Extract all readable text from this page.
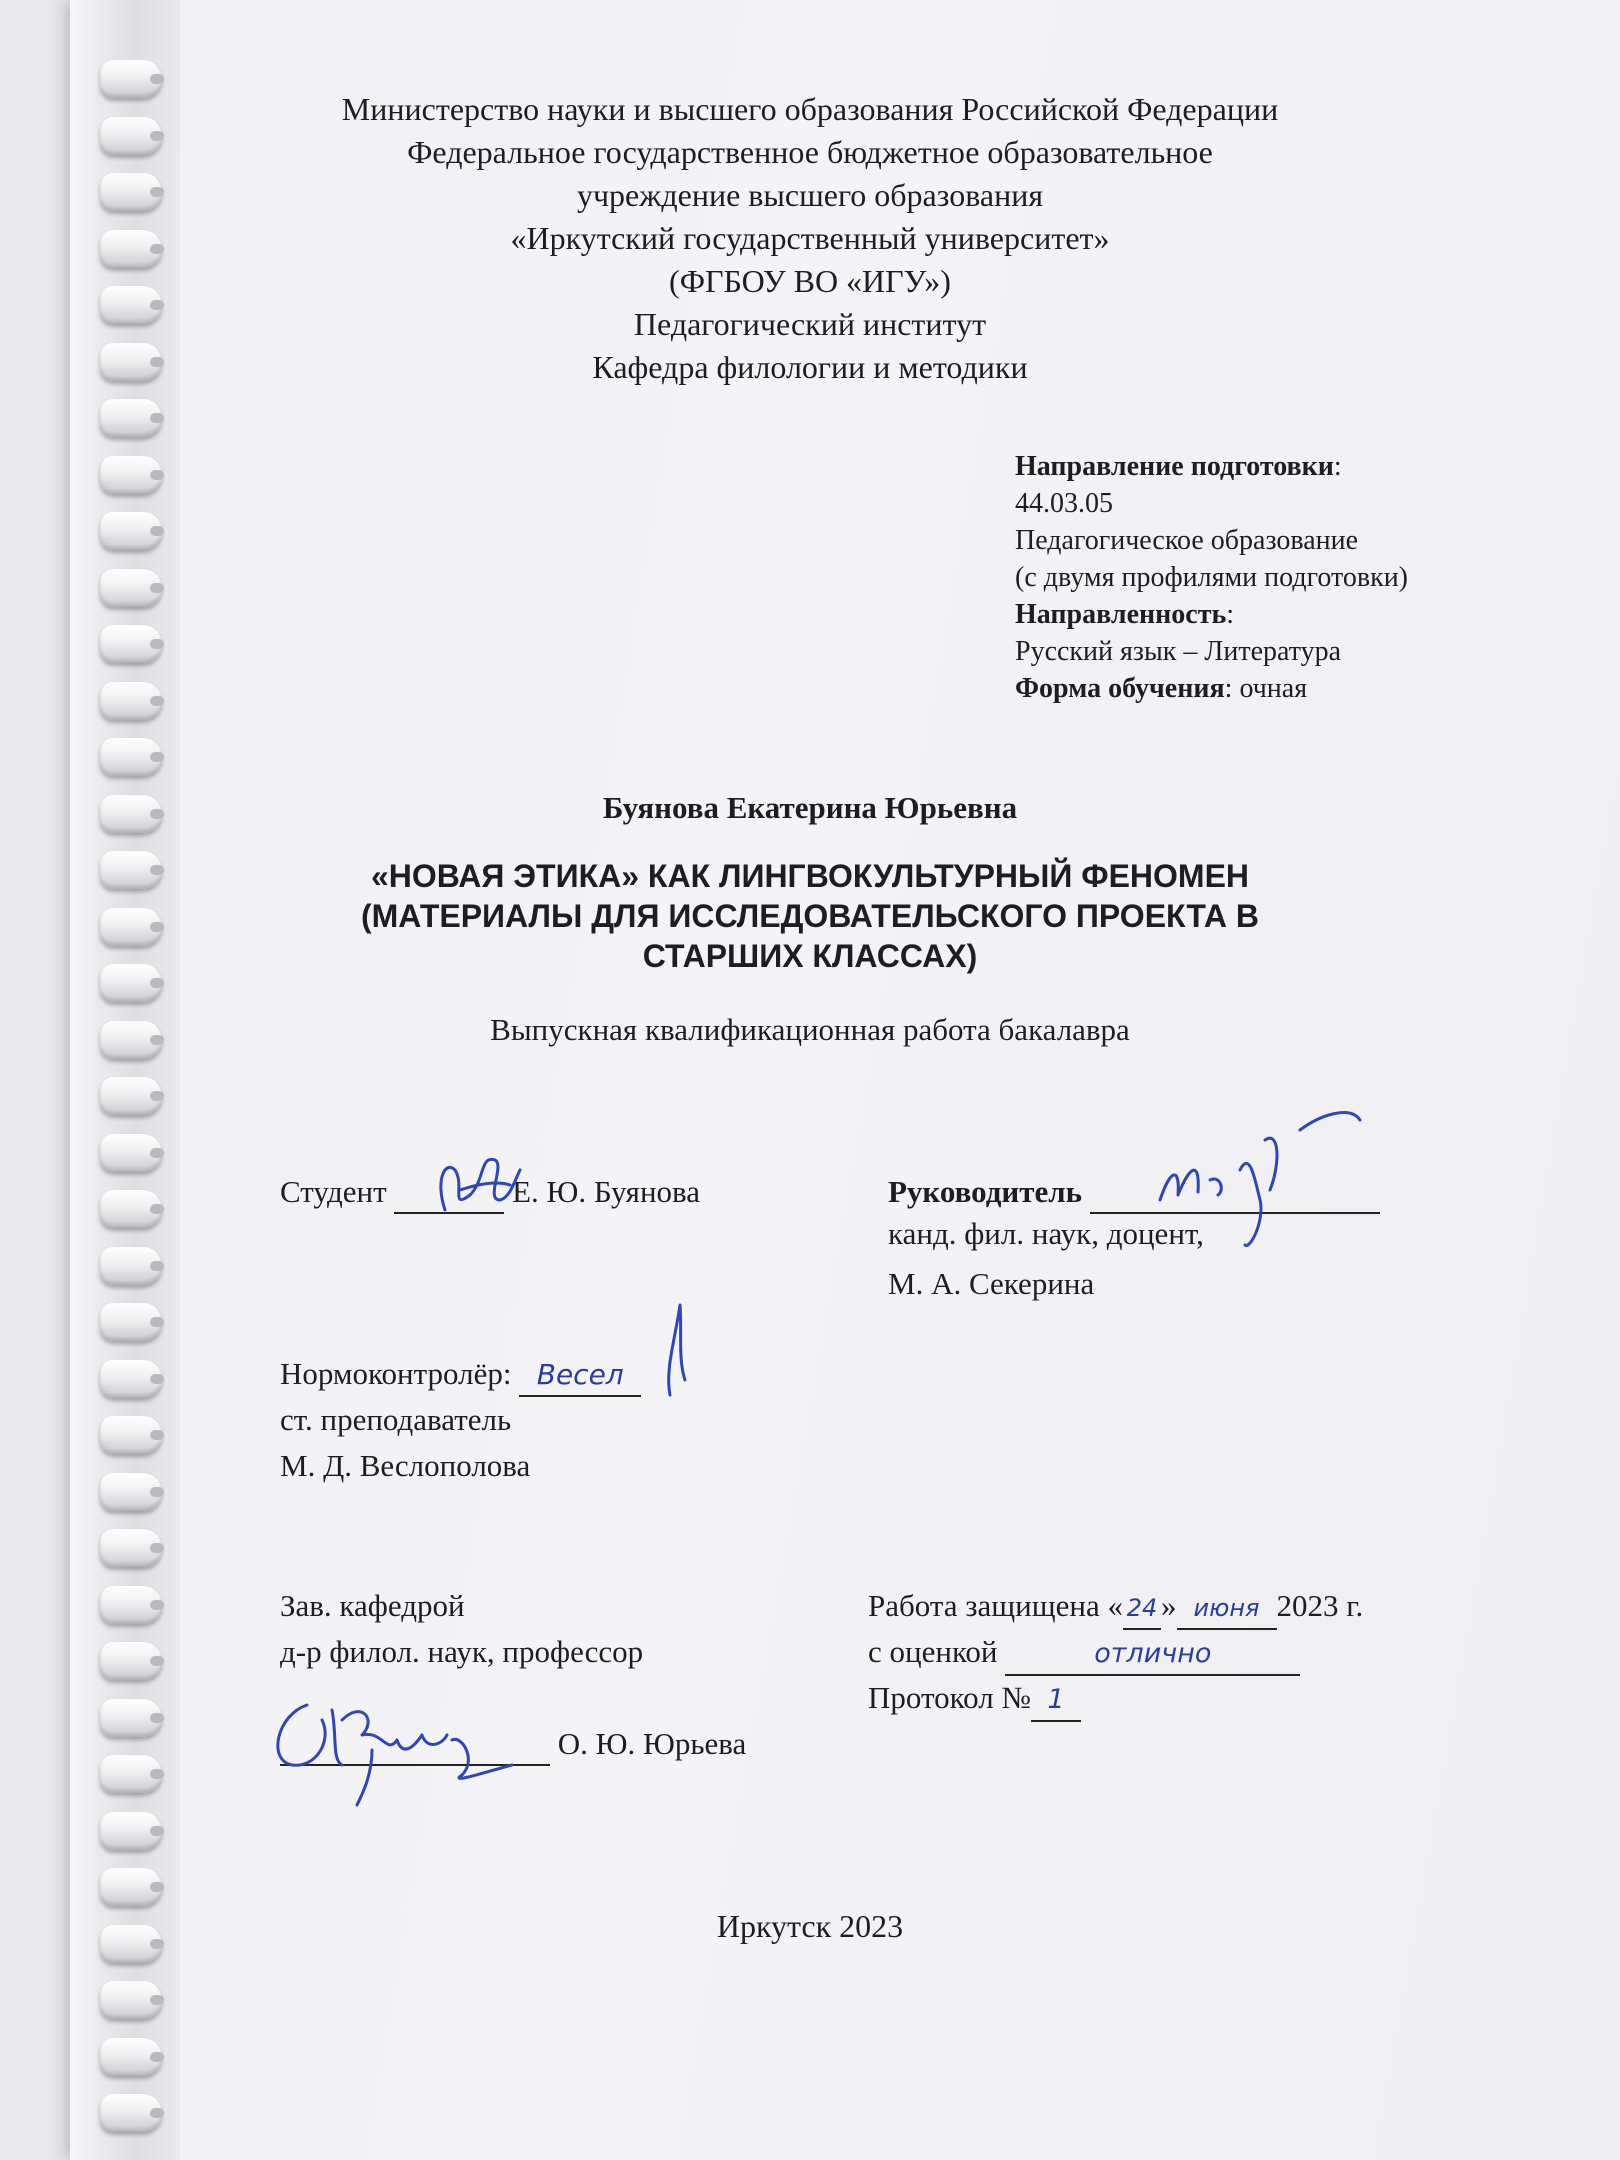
Министерство науки и высшего образования Российской Федерации
Федеральное государственное бюджетное образовательное
учреждение высшего образования
«Иркутский государственный университет»
(ФГБОУ ВО «ИГУ»)
Педагогический институт
Кафедра филологии и методики
Направление подготовки:
44.03.05
Педагогическое образование
(с двумя профилями подготовки)
Направленность:
Русский язык – Литература
Форма обучения: очная
Буянова Екатерина Юрьевна
«НОВАЯ ЭТИКА» КАК ЛИНГВОКУЛЬТУРНЫЙ ФЕНОМЕН
(МАТЕРИАЛЫ ДЛЯ ИССЛЕДОВАТЕЛЬСКОГО ПРОЕКТА В
СТАРШИХ КЛАССАХ)
Выпускная квалификационная работа бакалавра
Студент	Е. Ю. Буянова	Руководитель
канд. фил. наук, доцент,
М. А. Секерина
Нормоконтролёр: Весел
ст. преподаватель
М. Д. Веслополова
Зав. кафедрой
д-р филол. наук, профессор
О. Ю. Юрьева
Работа защищена « 24 » июня 2023 г.
с оценкой	отлично
Протокол № 1
Иркутск 2023
